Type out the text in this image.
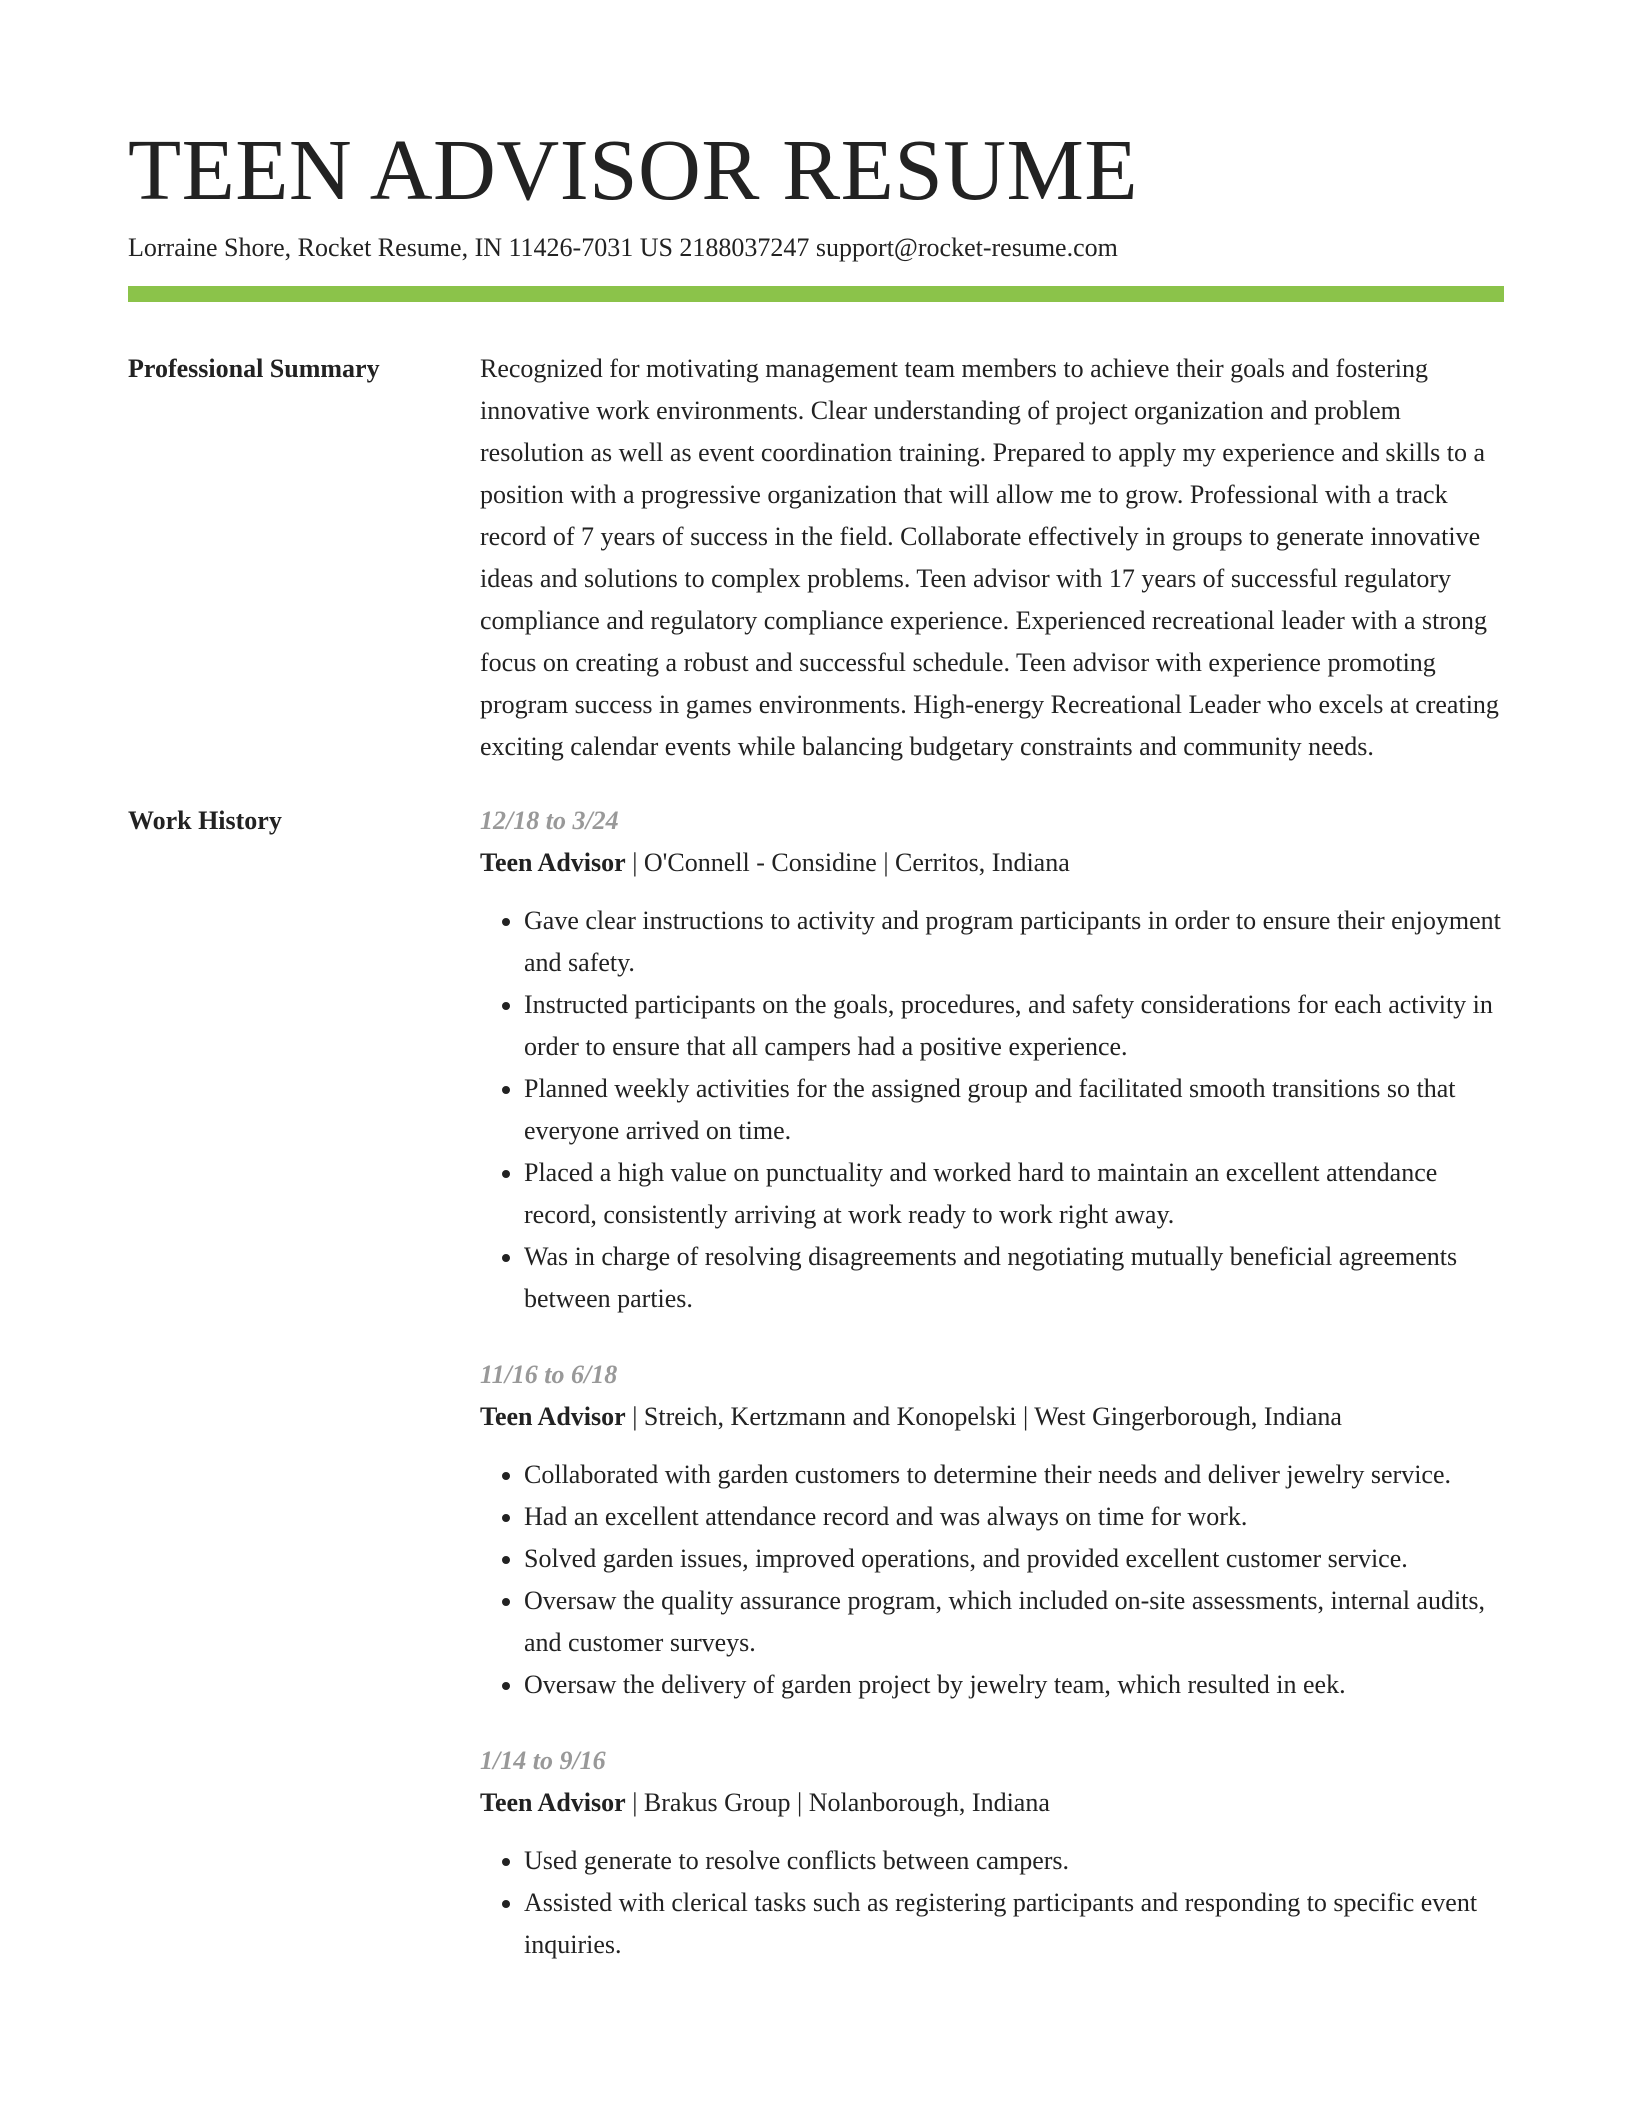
TEEN ADVISOR RESUME
Lorraine Shore, Rocket Resume, IN 11426-7031 US 2188037247 support@rocket-resume.com
Professional Summary	Recognized for motivating management team members to achieve their goals and fostering innovative work environments. Clear understanding of project organization and problem resolution as well as event coordination training. Prepared to apply my experience and skills to a position with a progressive organization that will allow me to grow. Professional with a track record of 7 years of success in the field. Collaborate effectively in groups to generate innovative ideas and solutions to complex problems. Teen advisor with 17 years of successful regulatory compliance and regulatory compliance experience. Experienced recreational leader with a strong focus on creating a robust and successful schedule. Teen advisor with experience promoting program success in games environments. High-energy Recreational Leader who excels at creating exciting calendar events while balancing budgetary constraints and community needs.

Work History	12/18 to 3/24
Teen Advisor | O'Connell - Considine | Cerritos, Indiana
• Gave clear instructions to activity and program participants in order to ensure their enjoyment and safety.
• Instructed participants on the goals, procedures, and safety considerations for each activity in order to ensure that all campers had a positive experience.
• Planned weekly activities for the assigned group and facilitated smooth transitions so that everyone arrived on time.
• Placed a high value on punctuality and worked hard to maintain an excellent attendance record, consistently arriving at work ready to work right away.
• Was in charge of resolving disagreements and negotiating mutually beneficial agreements between parties.
11/16 to 6/18
Teen Advisor | Streich, Kertzmann and Konopelski | West Gingerborough, Indiana
• Collaborated with garden customers to determine their needs and deliver jewelry service.
• Had an excellent attendance record and was always on time for work.
• Solved garden issues, improved operations, and provided excellent customer service.
• Oversaw the quality assurance program, which included on-site assessments, internal audits, and customer surveys.
• Oversaw the delivery of garden project by jewelry team, which resulted in eek.
1/14 to 9/16
Teen Advisor | Brakus Group | Nolanborough, Indiana
• Used generate to resolve conflicts between campers.
• Assisted with clerical tasks such as registering participants and responding to specific event inquiries.
